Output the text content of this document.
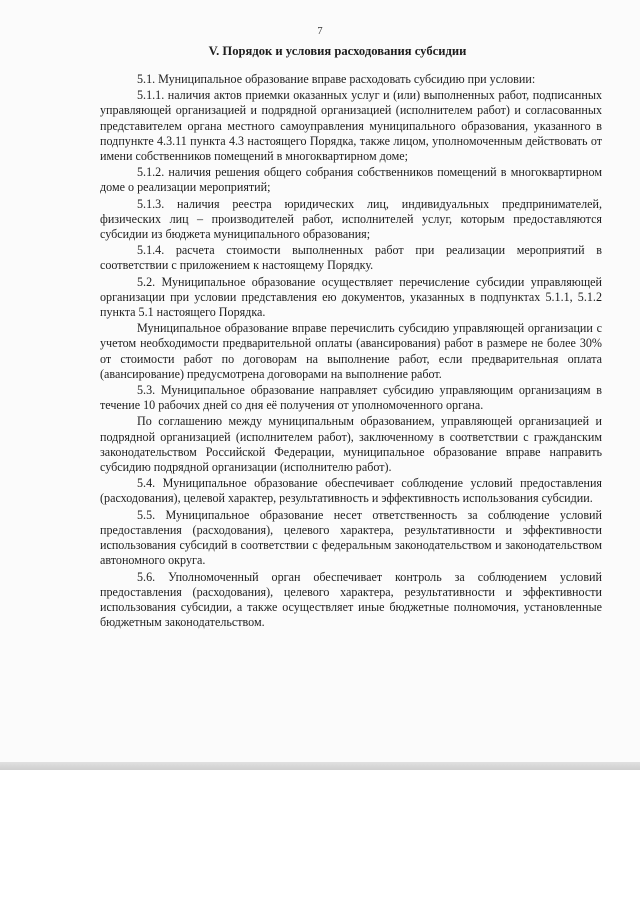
7
V. Порядок и условия расходования субсидии

5.1. Муниципальное образование вправе расходовать субсидию при условии:

5.1.1. наличия актов приемки оказанных услуг и (или) выполненных работ, подписанных управляющей организацией и подрядной организацией (исполнителем работ) и согласованных представителем органа местного самоуправления муниципального образования, указанного в подпункте 4.3.11 пункта 4.3 настоящего Порядка, также лицом, уполномоченным действовать от имени собственников помещений в многоквартирном доме;

5.1.2. наличия решения общего собрания собственников помещений в многоквартирном доме о реализации мероприятий;

5.1.3. наличия реестра юридических лиц, индивидуальных предпринимателей, физических лиц – производителей работ, исполнителей услуг, которым предоставляются субсидии из бюджета муниципального образования;

5.1.4. расчета стоимости выполненных работ при реализации мероприятий в соответствии с приложением к настоящему Порядку.

5.2. Муниципальное образование осуществляет перечисление субсидии управляющей организации при условии представления ею документов, указанных в подпунктах 5.1.1, 5.1.2 пункта 5.1 настоящего Порядка.

Муниципальное образование вправе перечислить субсидию управляющей организации с учетом необходимости предварительной оплаты (авансирования) работ в размере не более 30% от стоимости работ по договорам на выполнение работ, если предварительная оплата (авансирование) предусмотрена договорами на выполнение работ.

5.3. Муниципальное образование направляет субсидию управляющим организациям в течение 10 рабочих дней со дня её получения от уполномоченного органа.

По соглашению между муниципальным образованием, управляющей организацией и подрядной организацией (исполнителем работ), заключенному в соответствии с гражданским законодательством Российской Федерации, муниципальное образование вправе направить субсидию подрядной организации (исполнителю работ).

5.4. Муниципальное образование обеспечивает соблюдение условий предоставления (расходования), целевой характер, результативность и эффективность использования субсидии.

5.5. Муниципальное образование несет ответственность за соблюдение условий предоставления (расходования), целевого характера, результативности и эффективности использования субсидий в соответствии с федеральным законодательством и законодательством автономного округа.

5.6. Уполномоченный орган обеспечивает контроль за соблюдением условий предоставления (расходования), целевого характера, результативности и эффективности использования субсидии, а также осуществляет иные бюджетные полномочия, установленные бюджетным законодательством.
